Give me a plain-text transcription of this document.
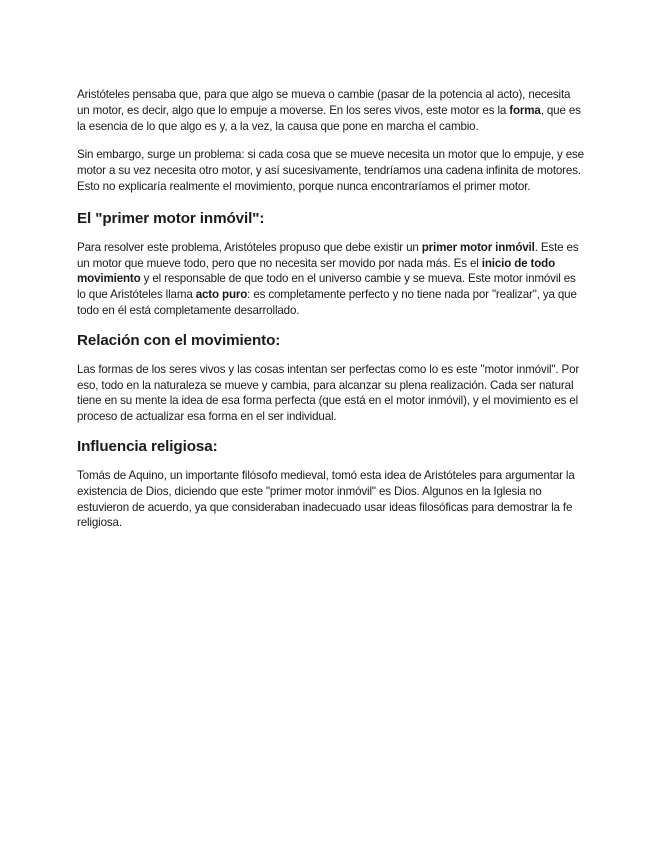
Aristóteles pensaba que, para que algo se mueva o cambie (pasar de la potencia al acto), necesita un motor, es decir, algo que lo empuje a moverse. En los seres vivos, este motor es la forma, que es la esencia de lo que algo es y, a la vez, la causa que pone en marcha el cambio.

Sin embargo, surge un problema: si cada cosa que se mueve necesita un motor que lo empuje, y ese motor a su vez necesita otro motor, y así sucesivamente, tendríamos una cadena infinita de motores. Esto no explicaría realmente el movimiento, porque nunca encontraríamos el primer motor.

El "primer motor inmóvil":

Para resolver este problema, Aristóteles propuso que debe existir un primer motor inmóvil. Este es un motor que mueve todo, pero que no necesita ser movido por nada más. Es el inicio de todo movimiento y el responsable de que todo en el universo cambie y se mueva. Este motor inmóvil es lo que Aristóteles llama acto puro: es completamente perfecto y no tiene nada por "realizar", ya que todo en él está completamente desarrollado.

Relación con el movimiento:

Las formas de los seres vivos y las cosas intentan ser perfectas como lo es este "motor inmóvil". Por eso, todo en la naturaleza se mueve y cambia, para alcanzar su plena realización. Cada ser natural tiene en su mente la idea de esa forma perfecta (que está en el motor inmóvil), y el movimiento es el proceso de actualizar esa forma en el ser individual.

Influencia religiosa:

Tomás de Aquino, un importante filósofo medieval, tomó esta idea de Aristóteles para argumentar la existencia de Dios, diciendo que este "primer motor inmóvil" es Dios. Algunos en la Iglesia no estuvieron de acuerdo, ya que consideraban inadecuado usar ideas filosóficas para demostrar la fe religiosa.
